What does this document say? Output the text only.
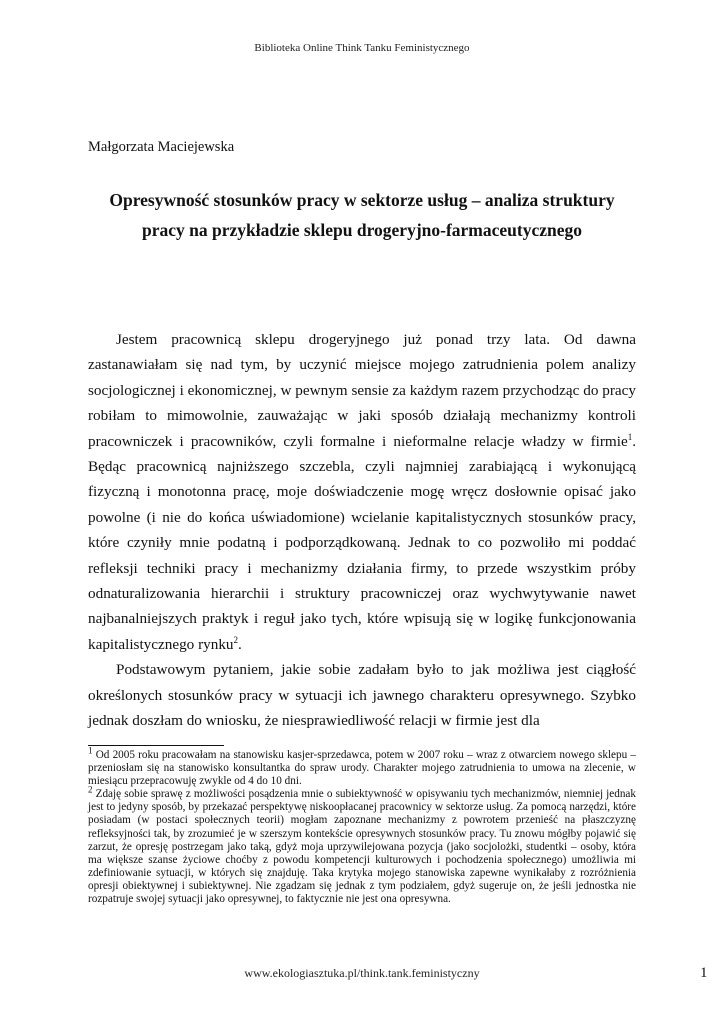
Biblioteka Online Think Tanku Feministycznego
Małgorzata Maciejewska
Opresywność stosunków pracy w sektorze usług – analiza struktury pracy na przykładzie sklepu drogeryjno-farmaceutycznego

Jestem pracownicą sklepu drogeryjnego już ponad trzy lata. Od dawna zastanawiałam się nad tym, by uczynić miejsce mojego zatrudnienia polem analizy socjologicznej i ekonomicznej, w pewnym sensie za każdym razem przychodząc do pracy robiłam to mimowolnie, zauważając w jaki sposób działają mechanizmy kontroli pracowniczek i pracowników, czyli formalne i nieformalne relacje władzy w firmie$^1$. Będąc pracownicą najniższego szczebla, czyli najmniej zarabiającą i wykonującą fizyczną i monotonna pracę, moje doświadczenie mogę wręcz dosłownie opisać jako powolne (i nie do końca uświadomione) wcielanie kapitalistycznych stosunków pracy, które czyniły mnie podatną i podporządkowaną. Jednak to co pozwoliło mi poddać refleksji techniki pracy i mechanizmy działania firmy, to przede wszystkim próby odnaturalizowania hierarchii i struktury pracowniczej oraz wychwytywanie nawet najbanalniejszych praktyk i reguł jako tych, które wpisują się w logikę funkcjonowania kapitalistycznego rynku$^2$.

Podstawowym pytaniem, jakie sobie zadałam było to jak możliwa jest ciągłość określonych stosunków pracy w sytuacji ich jawnego charakteru opresywnego. Szybko jednak doszłam do wniosku, że niesprawiedliwość relacji w firmie jest dla

$^1$ Od 2005 roku pracowałam na stanowisku kasjer-sprzedawca, potem w 2007 roku – wraz z otwarciem nowego sklepu – przeniosłam się na stanowisko konsultantka do spraw urody. Charakter mojego zatrudnienia to umowa na zlecenie, w miesiącu przepracowuję zwykle od 4 do 10 dni.

$^2$ Zdaję sobie sprawę z możliwości posądzenia mnie o subiektywność w opisywaniu tych mechanizmów, niemniej jednak jest to jedyny sposób, by przekazać perspektywę niskoopłacanej pracownicy w sektorze usług. Za pomocą narzędzi, które posiadam (w postaci społecznych teorii) mogłam zapoznane mechanizmy z powrotem przenieść na płaszczyznę refleksyjności tak, by zrozumieć je w szerszym kontekście opresywnych stosunków pracy. Tu znowu mógłby pojawić się zarzut, że opresję postrzegam jako taką, gdyż moja uprzywilejowana pozycja (jako socjolożki, studentki – osoby, która ma większe szanse życiowe choćby z powodu kompetencji kulturowych i pochodzenia społecznego) umożliwia mi zdefiniowanie sytuacji, w których się znajduję. Taka krytyka mojego stanowiska zapewne wynikałaby z rozróżnienia opresji obiektywnej i subiektywnej. Nie zgadzam się jednak z tym podziałem, gdyż sugeruje on, że jeśli jednostka nie rozpatruje swojej sytuacji jako opresywnej, to faktycznie nie jest ona opresywna.

www.ekologiasztuka.pl/think.tank.feministyczny	1
